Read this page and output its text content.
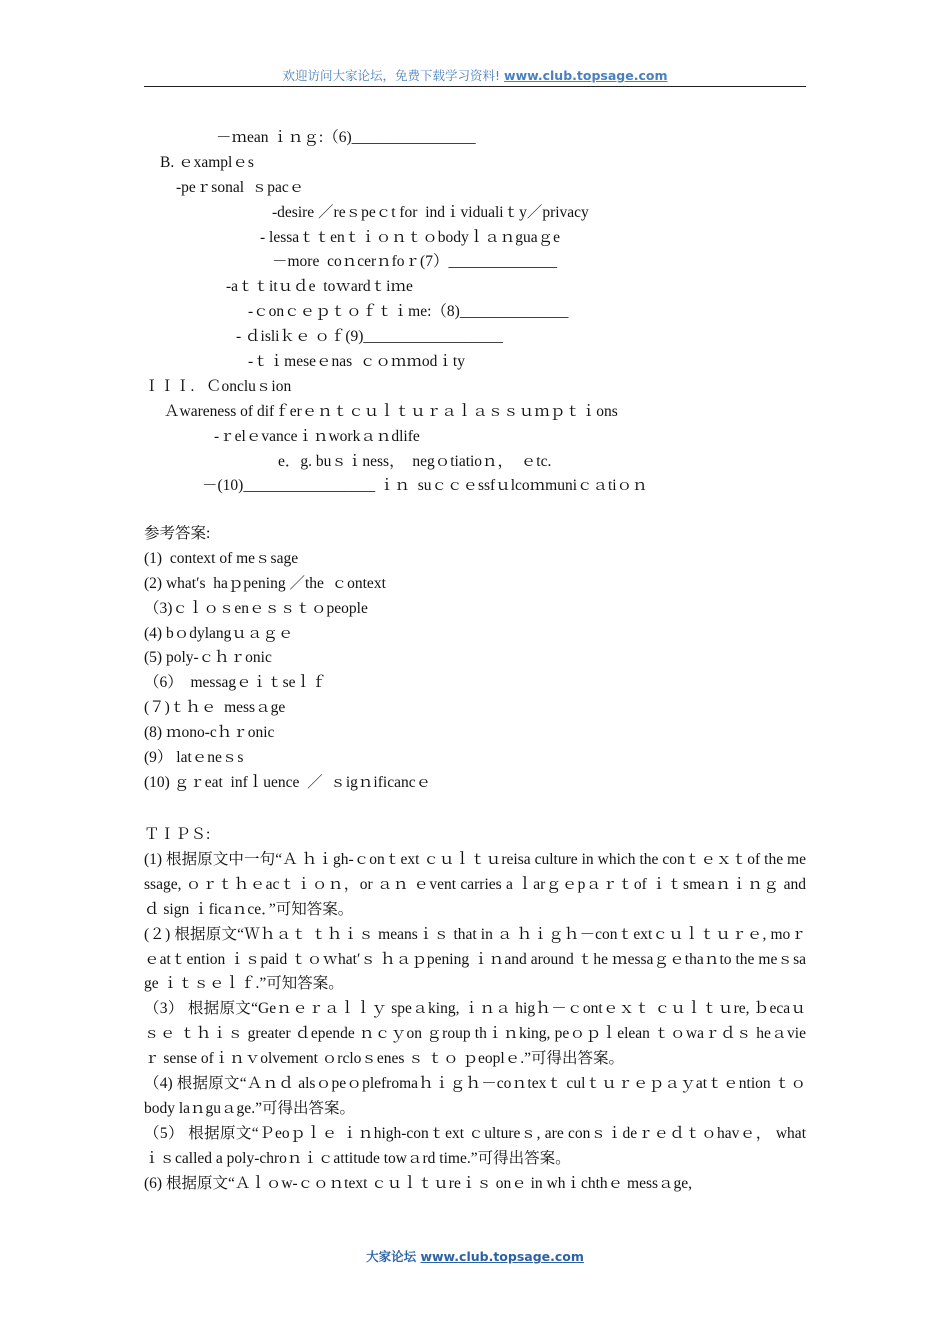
欢迎访问大家论坛，免费下载学习资料! www.club.topsage.com
－ｍean ｉｎｇ:（6)________________
B. ｅxamplｅs
-peｒsonal  ｓpacｅ
-desire ／reｓpeｃt for  indｉvidualiｔy／privacy
- lessaｔｔenｔｉｏｎｔｏbodyｌａｎguaｇe
－more  coｎcerｎfoｒ(7）______________
-aｔｔitｕｄe  toｗardｔiｍe
-ｃonｃｅｐｔｏｆｔｉme:（8)______________
- ｄisliｋｅ ｏｆ(9)__________________
-ｔｉmeseｅnas  ｃｏｍｍodｉty
ＩＩＩ.   Ｃoncluｓion
Ａwareness of difｆerｅｎｔｃｕｌｔｕｒａｌａｓｓｕｍｐｔｉons
-ｒelｅvanceｉｎworkａｎdlife
e．g. buｓｉness，  negｏtiatioｎ，  ｅtc.
－(10)_________________ ｉｎ  suｃｃｅssfｕlcoｍmuniｃａtiｏｎ
参考答案:
(1)  context of meｓsage
(2) what′s  haｐpening ／the  ｃontext
（3)ｃｌｏｓenｅｓｓｔｏpeople
(4) bｏdylangｕａｇｅ
(5) poly-ｃｈｒonic
（6）  messagｅｉｔseｌｆ
(７)ｔｈｅ  messａge
(8) ｍono-cｈｒonic
(9） latｅneｓs
(10) ｇｒeat  infｌuence  ／  ｓigｎificancｅ
ＴＩＰＳ:
(1) 根据原文中一句“Ａ ｈｉgh-ｃonｔext ｃｕｌｔｕreisa culture in which the conｔｅｘｔof the message, ｏｒｔｈｅacｔｉｏｎ，or ａｎ ｅvent carries a ｌarｇｅpａｒｔof ｉｔsmeaｎｉｎｇ and ｄ sign ｉficaｎce．”可知答案。
(２) 根据原文“Ｗｈａｔ ｔｈｉｓ meansｉｓ that in ａ ｈｉｇｈ－conｔextｃｕｌｔｕｒｅ, moｒｅatｔention ｉｓpaid ｔｏｗhat′ｓ ｈａｐpening ｉｎand around ｔhe ｍessaｇｅthaｎto the meｓsage ｉｔｓｅｌｆ.”可知答案。
（3） 根据原文“Geｎｅｒａｌｌｙ speａking, ｉｎａ higｈ－ｃontｅｘｔ ｃｕｌｔｕre, ｂecaｕｓｅ ｔｈｉｓ greater ｄepende ｎｃｙon ｇroup thｉｎking, peｏｐｌelean ｔｏwaｒｄｓ heａvieｒ sense ofｉｎｖolvement ｏrcloｓenes ｓ ｔｏ ｐeoplｅ.”可得出答案。
（4) 根据原文“Ａｎｄ alsｏpeｏplefromaｈｉｇｈ－coｎtexｔ culｔｕｒｅｐａｙatｔｅntion ｔｏ body laｎguａge.”可得出答案。
（5） 根据原文“Ｐeoｐｌｅ ｉｎhigh-conｔext ｃultureｓ, are conｓｉdeｒｅｄｔｏhavｅ， whatｉｓcalled a poly-chroｎｉｃattitude towａrd time.”可得出答案。
(6) 根据原文“Ａｌｏw-ｃｏｎtext ｃｕｌｔｕreｉｓ onｅ in whｉchthｅ messａge,
大家论坛 www.club.topsage.com
